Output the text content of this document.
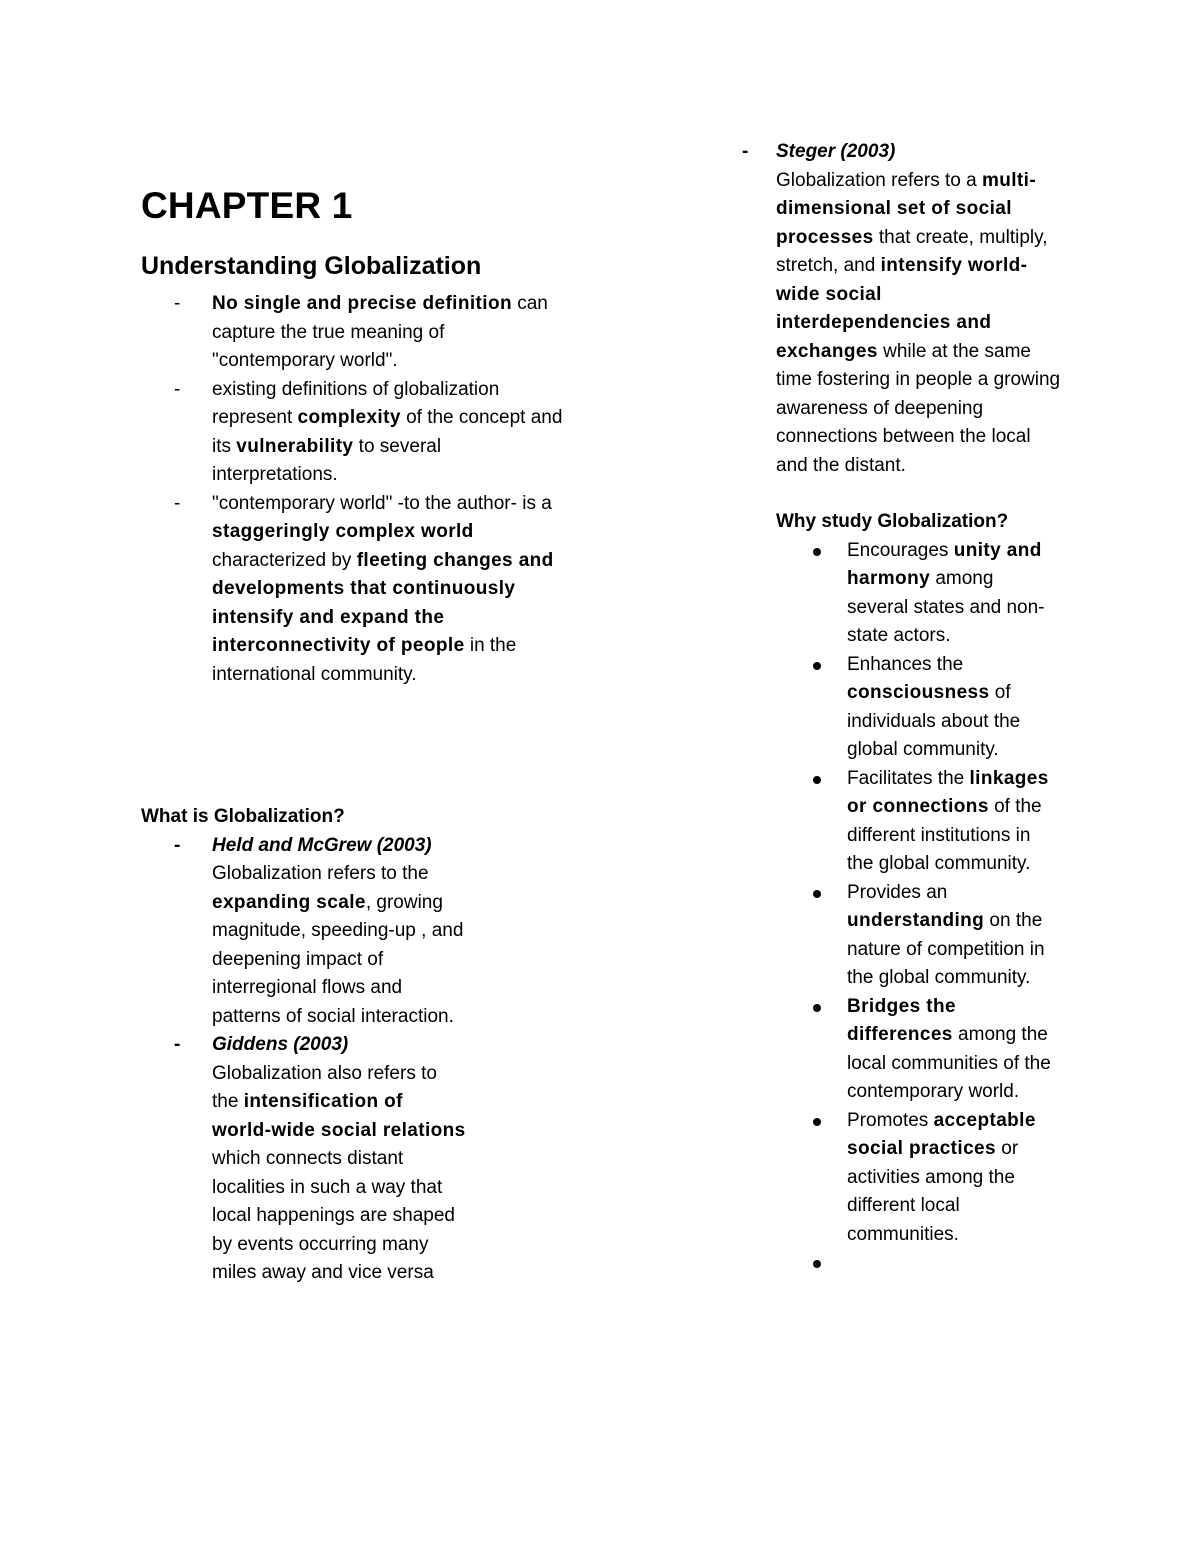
CHAPTER 1
Understanding Globalization
-	No single and precise definition can capture the true meaning of "contemporary world".
-	existing definitions of globalization represent complexity of the concept and its vulnerability to several interpretations.
-	"contemporary world" -to the author- is a staggeringly complex world characterized by fleeting changes and developments that continuously intensify and expand the interconnectivity of people in the international community.
What is Globalization?
-	Held and McGrew (2003)
Globalization refers to the expanding scale, growing magnitude, speeding-up , and deepening impact of interregional flows and patterns of social interaction.
-	Giddens (2003)
Globalization also refers to the intensification of world-wide social relations which connects distant localities in such a way that local happenings are shaped by events occurring many miles away and vice versa
-	Steger (2003)
Globalization refers to a multi-dimensional set of social processes that create, multiply, stretch, and intensify world-wide social interdependencies and exchanges while at the same time fostering in people a growing awareness of deepening connections between the local and the distant.
Why study Globalization?
Encourages unity and harmony among several states and non-state actors.
Enhances the consciousness of individuals about the global community.
Facilitates the linkages or connections of the different institutions in the global community.
Provides an understanding on the nature of competition in the global community.
Bridges the differences among the local communities of the contemporary world.
Promotes acceptable social practices or activities among the different local communities.
